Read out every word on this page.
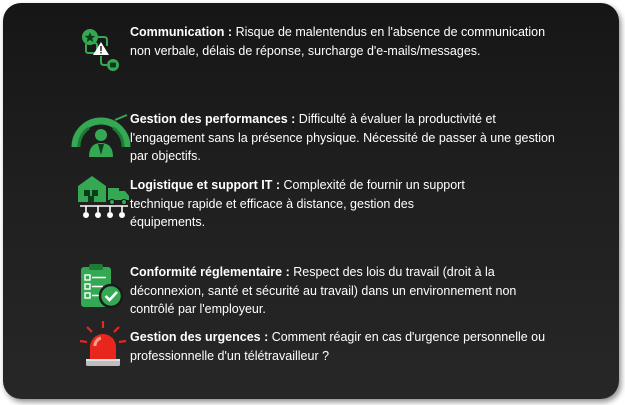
Communication : Risque de malentendus en l'absence de communication non verbale, délais de réponse, surcharge d'e-mails/messages.
Gestion des performances : Difficulté à évaluer la productivité et l'engagement sans la présence physique. Nécessité de passer à une gestion par objectifs.
Logistique et support IT : Complexité de fournir un support technique rapide et efficace à distance, gestion des équipements.
Conformité réglementaire : Respect des lois du travail (droit à la déconnexion, santé et sécurité au travail) dans un environnement non contrôlé par l'employeur.
Gestion des urgences : Comment réagir en cas d'urgence personnelle ou professionnelle d'un télétravailleur ?
